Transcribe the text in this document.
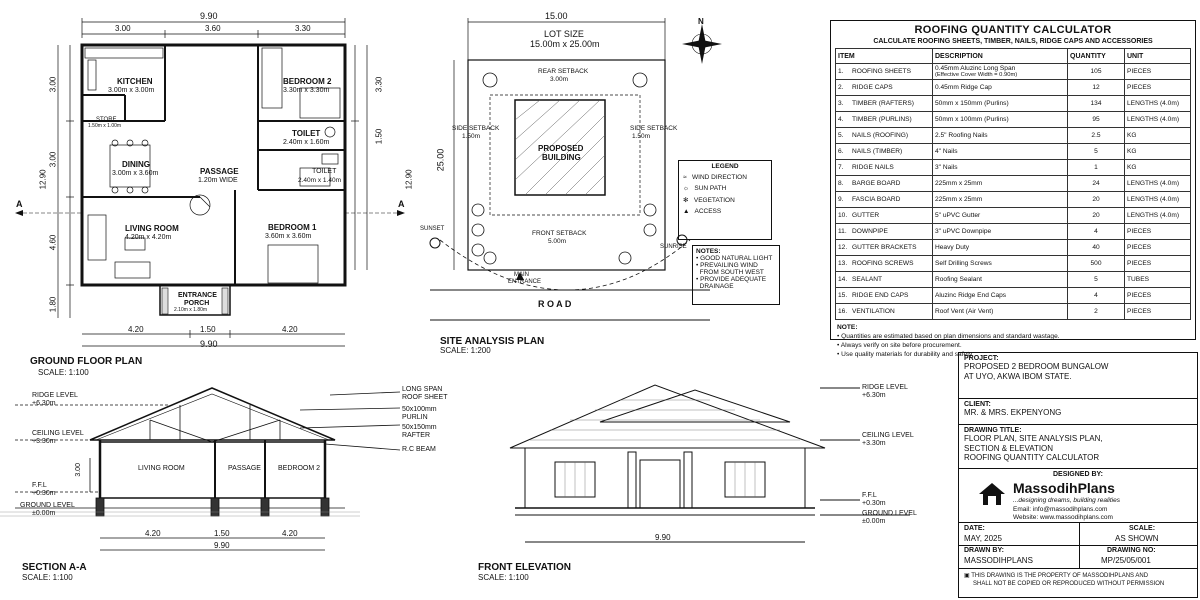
9.90
3.00	3.60	3.30
4.20	1.50	4.20
9.90
3.00
3.00
4.60
1.80
12.90
3.30
1.50
12.90
A	A
KITCHEN
3.00m x 3.00m
BEDROOM 2
3.30m x 3.30m
STORE
1.50m x 1.00m
TOILET
2.40m x 1.60m
DINING
3.00m x 3.60m	PASSAGE
1.20m WIDE
TOILET
2.40m x 1.40m
LIVING ROOM
4.20m x 4.20m
BEDROOM 1
3.60m x 3.60m
ENTRANCE
PORCH
2.10m x 1.80m
GROUND FLOOR PLAN
SCALE: 1:100
15.00
LOT SIZE
15.00m x 25.00m
25.00
REAR SETBACK
3.00m
SIDE SETBACK
1.50m
SIDE SETBACK
1.50m
PROPOSED
BUILDING
FRONT SETBACK
5.00m
SUNSET
SUNRISE
MAIN
ENTRANCE
R O A D
N
SITE ANALYSIS PLAN
SCALE: 1:200
LEGEND
≈   WIND DIRECTION
☼   SUN PATH
✻   VEGETATION
▲   ACCESS
NOTES:
• GOOD NATURAL LIGHT
• PREVAILING WIND
FROM SOUTH WEST
• PROVIDE ADEQUATE
DRAINAGE
ROOFING QUANTITY CALCULATOR
CALCULATE ROOFING SHEETS, TIMBER, NAILS, RIDGE CAPS AND ACCESSORIES
ITEM	DESCRIPTION	QUANTITY	UNIT
1. ROOFING SHEETS	0.45mm Aluzinc Long Span
(Effective Cover Width = 0.90m)	105	PIECES
2. RIDGE CAPS	0.45mm Ridge Cap	12	PIECES
3. TIMBER (RAFTERS)	50mm x 150mm (Purlins)	134	LENGTHS (4.0m)
4. TIMBER (PURLINS)	50mm x 100mm (Purlins)	95	LENGTHS (4.0m)
5. NAILS (ROOFING)	2.5" Roofing Nails	2.5	KG
6. NAILS (TIMBER)	4" Nails	5	KG
7. RIDGE NAILS	3" Nails	1	KG
8. BARGE BOARD	225mm x 25mm	24	LENGTHS (4.0m)
9. FASCIA BOARD	225mm x 25mm	20	LENGTHS (4.0m)
10. GUTTER	5" uPVC Gutter	20	LENGTHS (4.0m)
11. DOWNPIPE	3" uPVC Downpipe	4	PIECES
12. GUTTER BRACKETS	Heavy Duty	40	PIECES
13. ROOFING SCREWS	Self Drilling Screws	500	PIECES
14. SEALANT	Roofing Sealant	5	TUBES
15. RIDGE END CAPS	Aluzinc Ridge End Caps	4	PIECES
16. VENTILATION	Roof Vent (Air Vent)	2	PIECES
NOTE:
• Quantities are estimated based on plan dimensions and standard wastage.
• Always verify on site before procurement.
• Use quality materials for durability and safety.
RIDGE LEVEL
+6.30m
CEILING LEVEL
+3.30m
F.F.L
+0.30m
GROUND LEVEL
±0.00m
3.00	LIVING ROOM	PASSAGE BEDROOM 2
LONG SPAN
ROOF SHEET
50x100mm
PURLIN
50x150mm
RAFTER
R.C BEAM
4.20	1.50	4.20
9.90
SECTION A-A
SCALE: 1:100
RIDGE LEVEL
+6.30m
CEILING LEVEL
+3.30m
F.F.L
+0.30m
GROUND LEVEL
±0.00m
9.90
FRONT ELEVATION
SCALE: 1:100
PROJECT:
PROPOSED 2 BEDROOM BUNGALOW
AT UYO, AKWA IBOM STATE.
CLIENT:
MR. & MRS. EKPENYONG
DRAWING TITLE:
FLOOR PLAN, SITE ANALYSIS PLAN,
SECTION & ELEVATION
ROOFING QUANTITY CALCULATOR
DESIGNED BY:
MassodihPlans
...designing dreams, building realities
Email: info@massodihplans.com
Website: www.massodihplans.com
DATE:
MAY, 2025
SCALE:
AS SHOWN
DRAWN BY:
MASSODIHPLANS
DRAWING NO:
MP/25/05/001
▣ THIS DRAWING IS THE PROPERTY OF MASSODIHPLANS AND
SHALL NOT BE COPIED OR REPRODUCED WITHOUT PERMISSION
